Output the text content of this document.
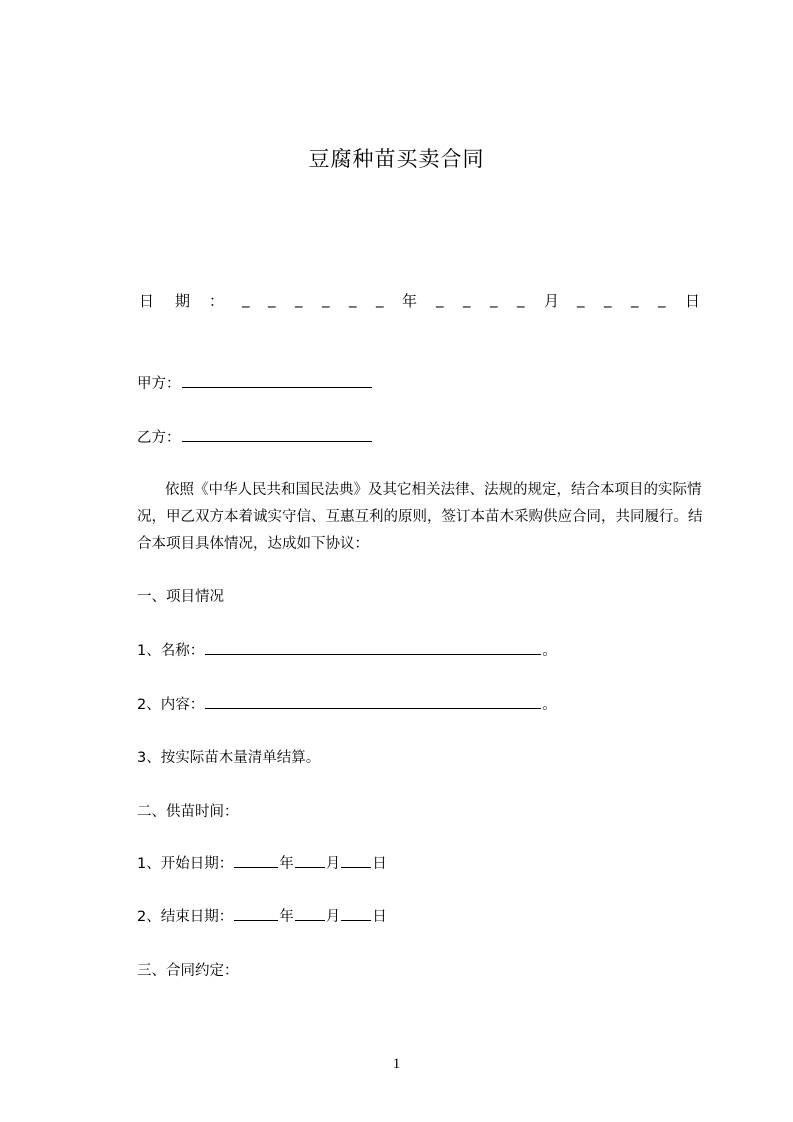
豆腐种苗买卖合同
日 期 ： _ _ _ _ _ _ 年 _ _ _ _ 月 _ _ _ _ 日
甲方：
乙方：
依照《中华人民共和国民法典》及其它相关法律、法规的规定，结合本项目的实际情况，甲乙双方本着诚实守信、互惠互利的原则，签订本苗木采购供应合同，共同履行。结合本项目具体情况，达成如下协议：
一、项目情况
1、名称：	。
2、内容：	。
3、按实际苗木量清单结算。
二、供苗时间：
1、开始日期：	年 月 日
2、结束日期：	年 月 日
三、合同约定：
1
